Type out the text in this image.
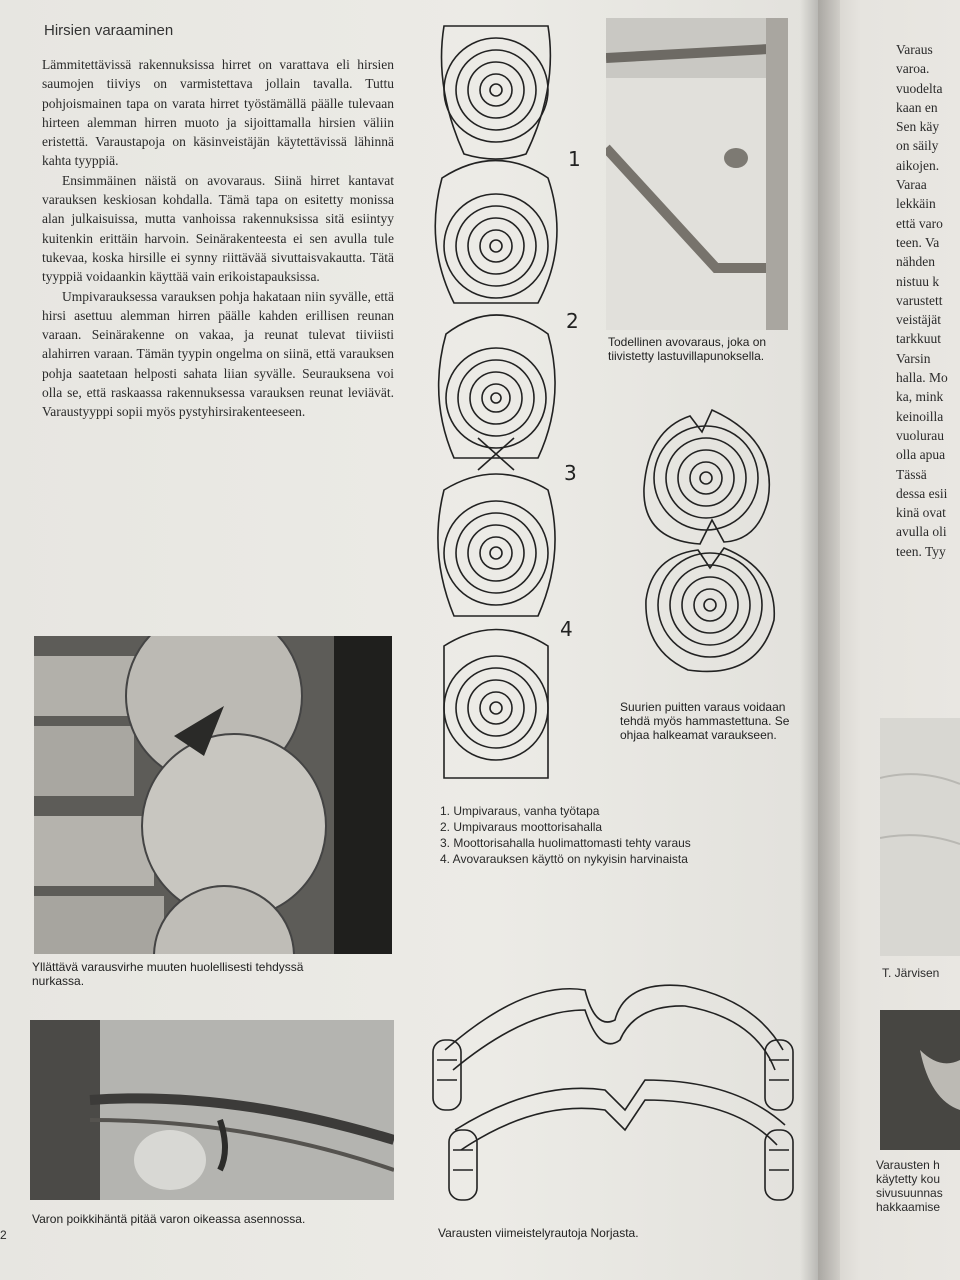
Hirsien varaaminen

Lämmitettävissä rakennuksissa hirret on varattava eli hirsien saumojen tiiviys on varmistettava jollain tavalla. Tuttu pohjoismainen tapa on varata hirret työstämällä päälle tulevaan hirteen alemman hirren muoto ja sijoittamalla hirsien väliin eristettä. Varaustapoja on käsinveistäjän käytettävissä lähinnä kahta tyyppiä.

Ensimmäinen näistä on avovaraus. Siinä hirret kantavat varauksen keskiosan kohdalla. Tämä tapa on esitetty monissa alan julkaisuissa, mutta vanhoissa rakennuksissa sitä esiintyy kuitenkin erittäin harvoin. Seinärakenteesta ei sen avulla tule tukevaa, koska hirsille ei synny riittävää sivuttaisvakautta. Tätä tyyppiä voidaankin käyttää vain erikoistapauksissa.

Umpivarauksessa varauksen pohja hakataan niin syvälle, että hirsi asettuu alemman hirren päälle kahden erillisen reunan varaan. Seinärakenne on vakaa, ja reunat tulevat tiiviisti alahirren varaan. Tämän tyypin ongelma on siinä, että varauksen pohja saatetaan helposti sahata liian syvälle. Seurauksena voi olla se, että raskaassa rakennuksessa varauksen reunat leviävät. Varaustyyppi sopii myös pystyhirsirakenteeseen.

1
2
3
4
Todellinen avovaraus, joka on tiivistetty lastuvillapunoksella.
Suurien puitten varaus voidaan tehdä myös hammastettuna. Se ohjaa halkeamat varaukseen.
Yllättävä varausvirhe muuten huolellisesti tehdyssä nurkassa.
Varon poikkihäntä pitää varon oikeassa asennossa.
1. Umpivaraus, vanha työtapa
2. Umpivaraus moottorisahalla
3. Moottorisahalla huolimattomasti tehty varaus
4. Avovarauksen käyttö on nykyisin harvinaista
Varausten viimeistelyrautoja Norjasta.
2
Varaus
varoa.
vuodelta
kaan en
Sen käy
on säily
aikojen.
Varaa
lekkäin
että varo
teen. Va
nähden
nistuu k
varustett
veistäjät
tarkkuut
Varsin
halla. Mo
ka, mink
keinoilla
vuolurau
olla apua
Tässä
dessa esii
kinä ovat
avulla oli
teen. Tyy
T. Järvisen
Varausten h
käytetty kou
sivusuunnas
hakkaamise
